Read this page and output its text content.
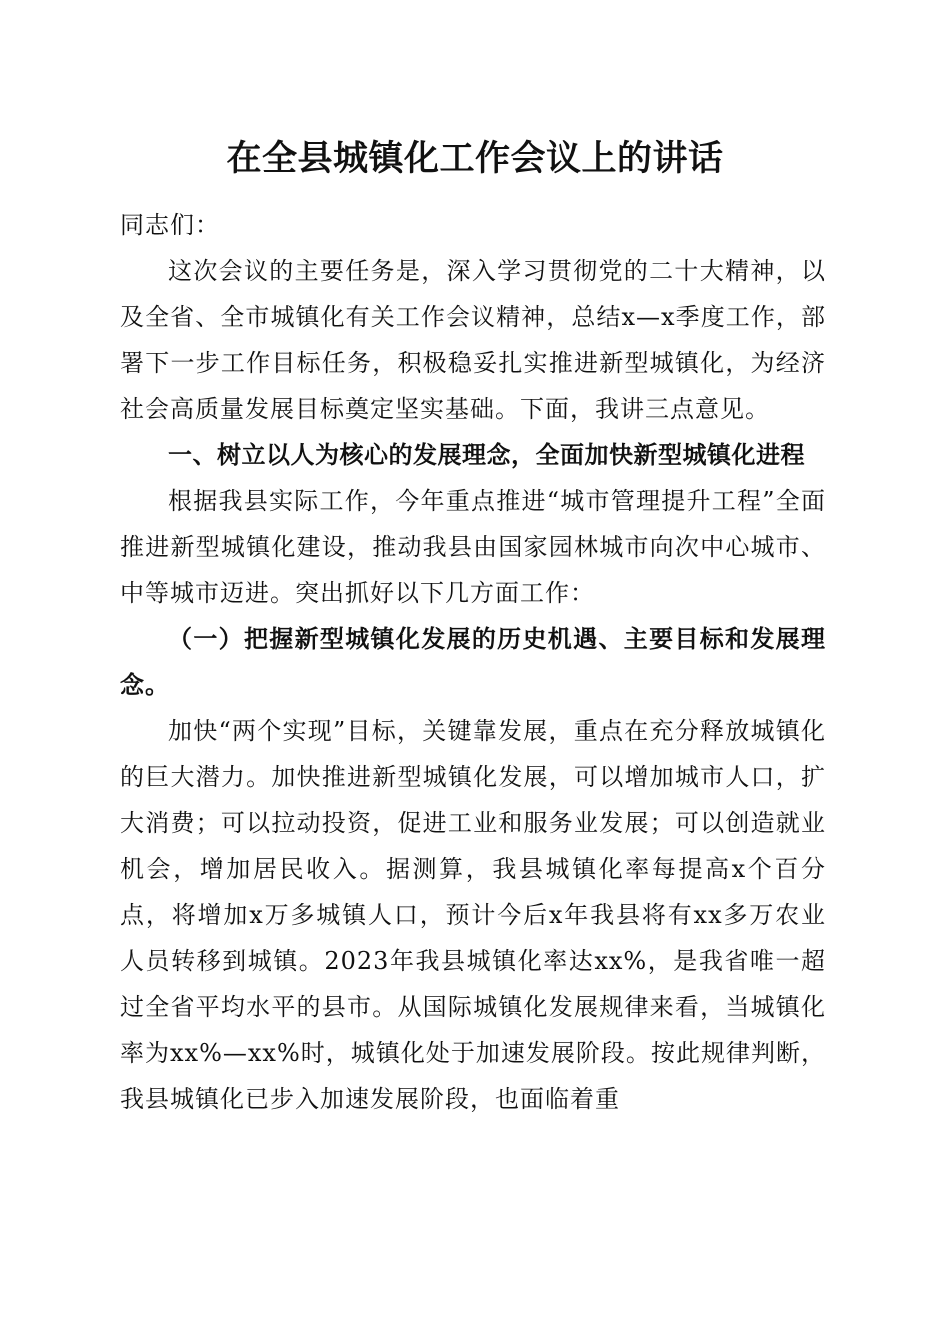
在全县城镇化工作会议上的讲话

同志们：

这次会议的主要任务是，深入学习贯彻党的二十大精神，以及全省、全市城镇化有关工作会议精神，总结x—x季度工作，部署下一步工作目标任务，积极稳妥扎实推进新型城镇化，为经济社会高质量发展目标奠定坚实基础。下面，我讲三点意见。

一、树立以人为核心的发展理念，全面加快新型城镇化进程

根据我县实际工作，今年重点推进“城市管理提升工程”全面推进新型城镇化建设，推动我县由国家园林城市向次中心城市、中等城市迈进。突出抓好以下几方面工作：

（一）把握新型城镇化发展的历史机遇、主要目标和发展理念。

加快“两个实现”目标，关键靠发展，重点在充分释放城镇化的巨大潜力。加快推进新型城镇化发展，可以增加城市人口，扩大消费；可以拉动投资，促进工业和服务业发展；可以创造就业机会，增加居民收入。据测算，我县城镇化率每提高x个百分点，将增加x万多城镇人口，预计今后x年我县将有xx多万农业人员转移到城镇。2023年我县城镇化率达xx%，是我省唯一超过全省平均水平的县市。从国际城镇化发展规律来看，当城镇化率为xx%—xx%时，城镇化处于加速发展阶段。按此规律判断，我县城镇化已步入加速发展阶段，也面临着重
